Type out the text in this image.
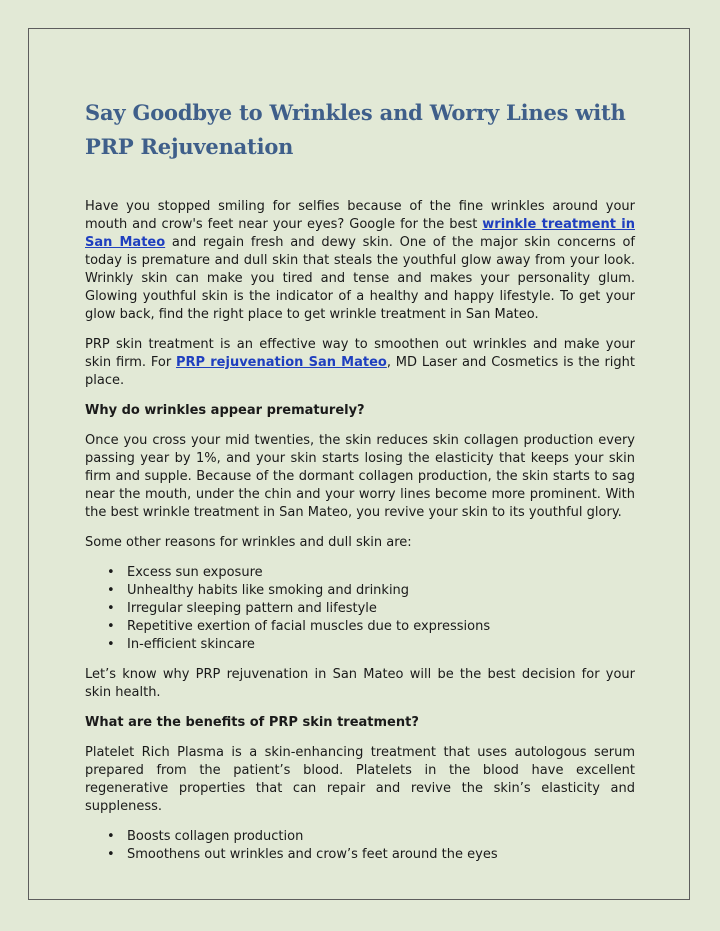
Say Goodbye to Wrinkles and Worry Lines with PRP Rejuvenation

Have you stopped smiling for selfies because of the fine wrinkles around your mouth and crow's feet near your eyes? Google for the best wrinkle treatment in San Mateo and regain fresh and dewy skin. One of the major skin concerns of today is premature and dull skin that steals the youthful glow away from your look. Wrinkly skin can make you tired and tense and makes your personality glum. Glowing youthful skin is the indicator of a healthy and happy lifestyle. To get your glow back, find the right place to get wrinkle treatment in San Mateo.

PRP skin treatment is an effective way to smoothen out wrinkles and make your skin firm. For PRP rejuvenation San Mateo, MD Laser and Cosmetics is the right place.

Why do wrinkles appear prematurely?

Once you cross your mid twenties, the skin reduces skin collagen production every passing year by 1%, and your skin starts losing the elasticity that keeps your skin firm and supple. Because of the dormant collagen production, the skin starts to sag near the mouth, under the chin and your worry lines become more prominent. With the best wrinkle treatment in San Mateo, you revive your skin to its youthful glory.

Some other reasons for wrinkles and dull skin are:

• Excess sun exposure
• Unhealthy habits like smoking and drinking
• Irregular sleeping pattern and lifestyle
• Repetitive exertion of facial muscles due to expressions
• In-efficient skincare

Let’s know why PRP rejuvenation in San Mateo will be the best decision for your skin health.

What are the benefits of PRP skin treatment?

Platelet Rich Plasma is a skin-enhancing treatment that uses autologous serum prepared from the patient’s blood. Platelets in the blood have excellent regenerative properties that can repair and revive the skin’s elasticity and suppleness.

• Boosts collagen production
• Smoothens out wrinkles and crow’s feet around the eyes
